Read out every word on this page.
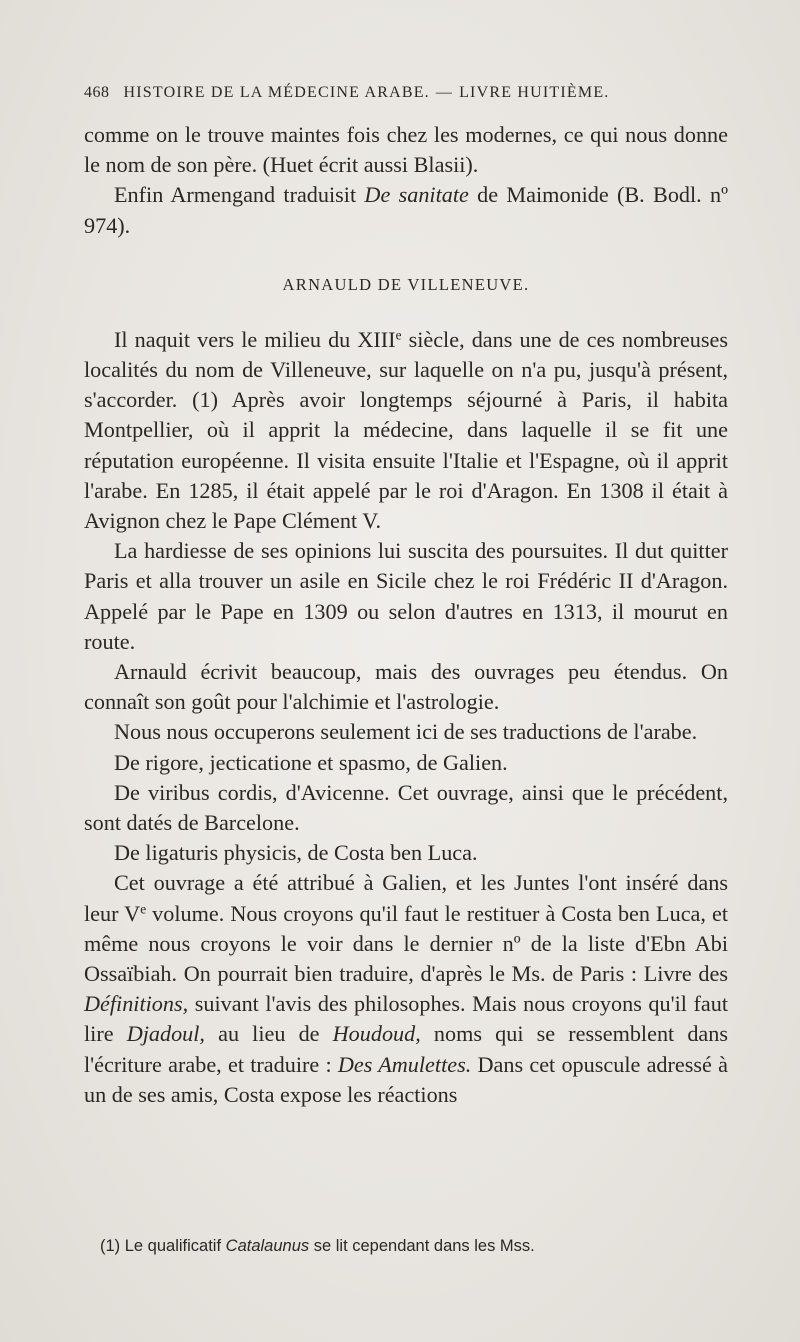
468 HISTOIRE DE LA MÉDECINE ARABE. — LIVRE HUITIÈME.

comme on le trouve maintes fois chez les modernes, ce qui nous donne le nom de son père. (Huet écrit aussi Blasii).

Enfin Armengand traduisit De sanitate de Maimonide (B. Bodl. nº 974).

ARNAULD DE VILLENEUVE.

Il naquit vers le milieu du XIIIe siècle, dans une de ces nombreuses localités du nom de Villeneuve, sur laquelle on n'a pu, jusqu'à présent, s'accorder. (1) Après avoir longtemps séjourné à Paris, il habita Montpellier, où il apprit la médecine, dans laquelle il se fit une réputation européenne. Il visita ensuite l'Italie et l'Espagne, où il apprit l'arabe. En 1285, il était appelé par le roi d'Aragon. En 1308 il était à Avignon chez le Pape Clément V.

La hardiesse de ses opinions lui suscita des poursuites. Il dut quitter Paris et alla trouver un asile en Sicile chez le roi Frédéric II d'Aragon. Appelé par le Pape en 1309 ou selon d'autres en 1313, il mourut en route.

Arnauld écrivit beaucoup, mais des ouvrages peu étendus. On connaît son goût pour l'alchimie et l'astrologie.

Nous nous occuperons seulement ici de ses traductions de l'arabe.

De rigore, jecticatione et spasmo, de Galien.

De viribus cordis, d'Avicenne. Cet ouvrage, ainsi que le précédent, sont datés de Barcelone.

De ligaturis physicis, de Costa ben Luca.

Cet ouvrage a été attribué à Galien, et les Juntes l'ont inséré dans leur Ve volume. Nous croyons qu'il faut le restituer à Costa ben Luca, et même nous croyons le voir dans le dernier nº de la liste d'Ebn Abi Ossaïbiah. On pourrait bien traduire, d'après le Ms. de Paris : Livre des Définitions, suivant l'avis des philosophes. Mais nous croyons qu'il faut lire Djadoul, au lieu de Houdoud, noms qui se ressemblent dans l'écriture arabe, et traduire : Des Amulettes. Dans cet opuscule adressé à un de ses amis, Costa expose les réactions

(1) Le qualificatif Catalaunus se lit cependant dans les Mss.
